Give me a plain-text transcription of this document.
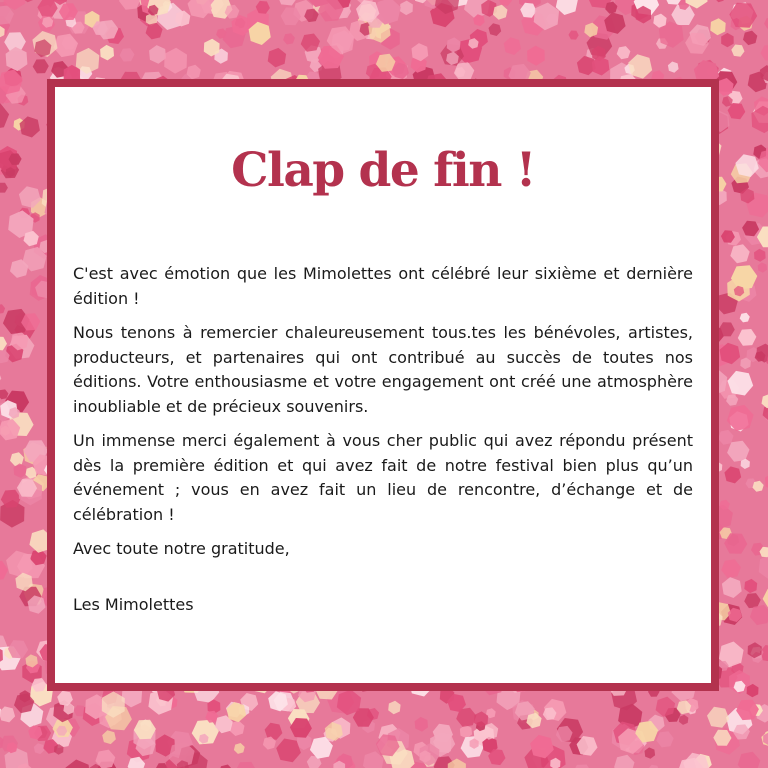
Clap de fin !

C'est avec émotion que les Mimolettes ont célébré leur sixième et dernière édition !

Nous tenons à remercier chaleureusement tous.tes les bénévoles, artistes, producteurs, et partenaires qui ont contribué au succès de toutes nos éditions. Votre enthousiasme et votre engagement ont créé une atmosphère inoubliable et de précieux souvenirs.

Un immense merci également à vous cher public qui avez répondu présent dès la première édition et qui avez fait de notre festival bien plus qu’un événement ; vous en avez fait un lieu de rencontre, d’échange et de célébration !

Avec toute notre gratitude,

Les Mimolettes
